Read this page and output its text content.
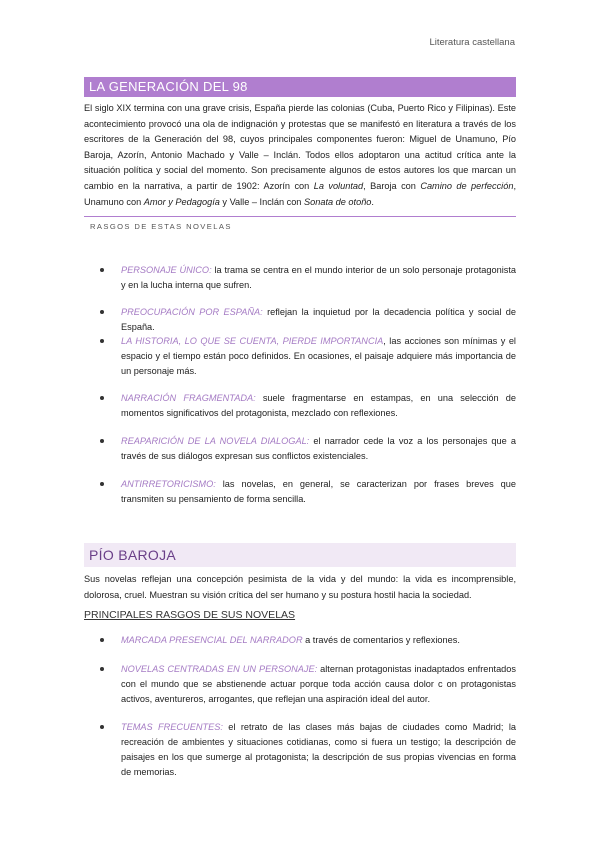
Literatura castellana
LA GENERACIÓN DEL 98
El siglo XIX termina con una grave crisis, España pierde las colonias (Cuba, Puerto Rico y Filipinas). Este acontecimiento provocó una ola de indignación y protestas que se manifestó en literatura a través de los escritores de la Generación del 98, cuyos principales componentes fueron: Miguel de Unamuno, Pío Baroja, Azorín, Antonio Machado y Valle – Inclán. Todos ellos adoptaron una actitud crítica ante la situación política y social del momento. Son precisamente algunos de estos autores los que marcan un cambio en la narrativa, a partir de 1902: Azorín con La voluntad, Baroja con Camino de perfección, Unamuno con Amor y Pedagogía y Valle – Inclán con Sonata de otoño.
RASGOS DE ESTAS NOVELAS
PERSONAJE ÚNICO: la trama se centra en el mundo interior de un solo personaje protagonista y en la lucha interna que sufren.
PREOCUPACIÓN POR ESPAÑA: reflejan la inquietud por la decadencia política y social de España.
LA HISTORIA, LO QUE SE CUENTA, PIERDE IMPORTANCIA, las acciones son mínimas y el espacio y el tiempo están poco definidos. En ocasiones, el paisaje adquiere más importancia de un personaje más.
NARRACIÓN FRAGMENTADA: suele fragmentarse en estampas, en una selección de momentos significativos del protagonista, mezclado con reflexiones.
REAPARICIÓN DE LA NOVELA DIALOGAL: el narrador cede la voz a los personajes que a través de sus diálogos expresan sus conflictos existenciales.
ANTIRRETORICISMO: las novelas, en general, se caracterizan por frases breves que transmiten su pensamiento de forma sencilla.
PÍO BAROJA
Sus novelas reflejan una concepción pesimista de la vida y del mundo: la vida es incomprensible, dolorosa, cruel. Muestran su visión crítica del ser humano y su postura hostil hacia la sociedad.
PRINCIPALES RASGOS DE SUS NOVELAS
MARCADA PRESENCIAL DEL NARRADOR a través de comentarios y reflexiones.
NOVELAS CENTRADAS EN UN PERSONAJE: alternan protagonistas inadaptados enfrentados con el mundo que se abstienende actuar porque toda acción causa dolor c on protagonistas activos, aventureros, arrogantes, que reflejan una aspiración ideal del autor.
TEMAS FRECUENTES: el retrato de las clases más bajas de ciudades como Madrid; la recreación de ambientes y situaciones cotidianas, como si fuera un testigo; la descripción de paisajes en los que sumerge al protagonista; la descripción de sus propias vivencias en forma de memorias.
